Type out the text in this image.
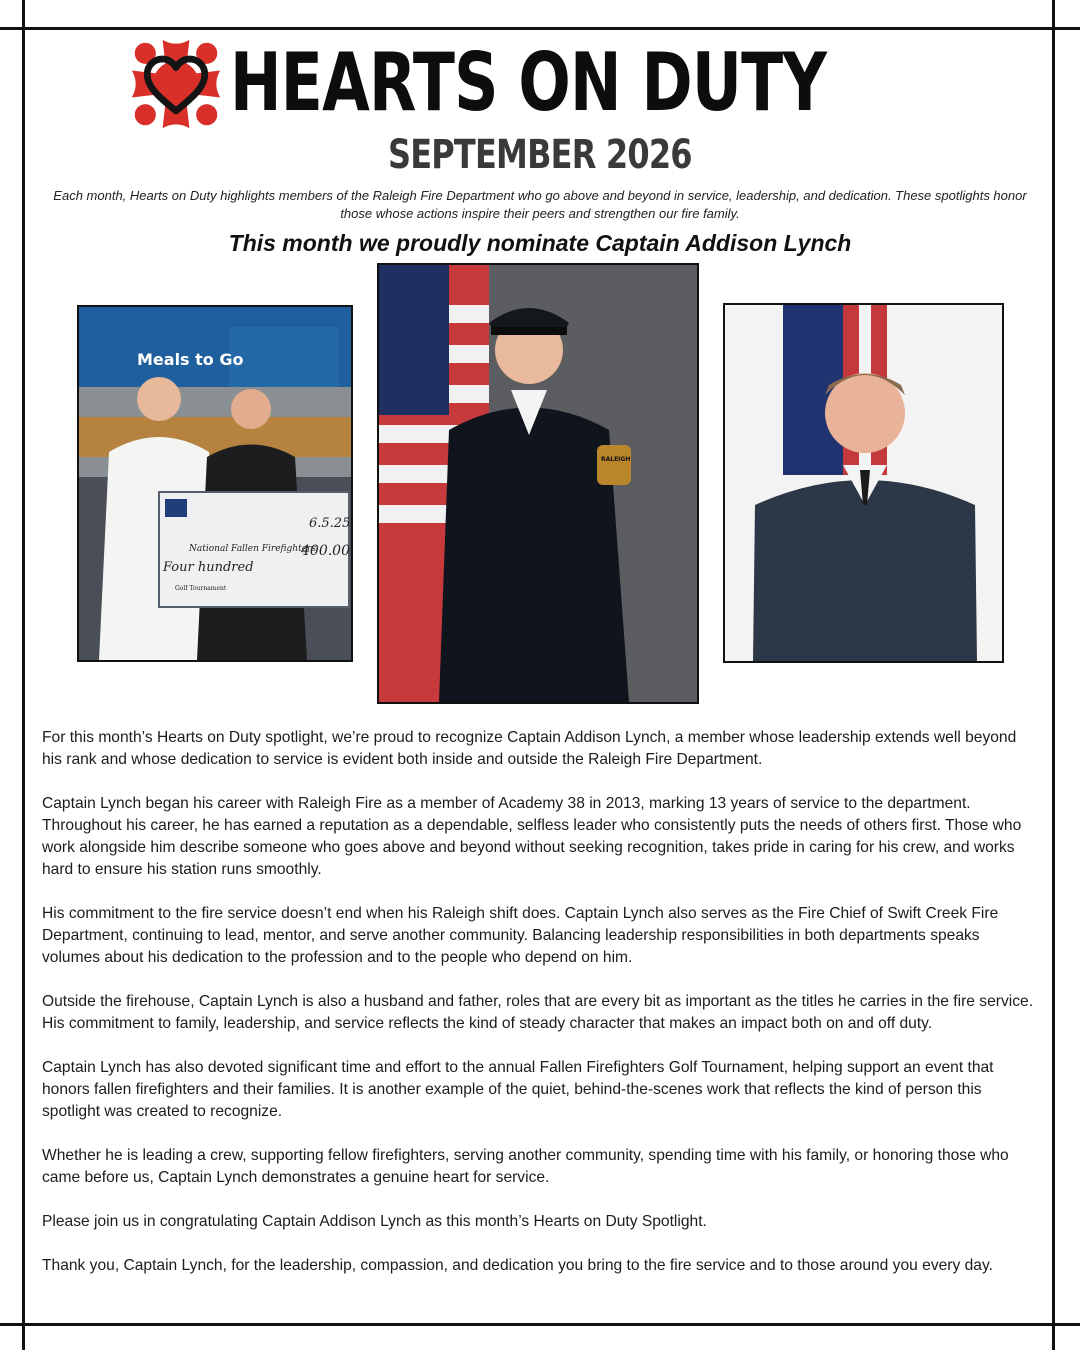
HEARTS ON DUTY
SEPTEMBER 2026
Each month, Hearts on Duty highlights members of the Raleigh Fire Department who go above and beyond in service, leadership, and dedication. These spotlights honor those whose actions inspire their peers and strengthen our fire family.
This month we proudly nominate Captain Addison Lynch
Meals to Go
6.5.25
National Fallen Firefighters
400.00
Four hundred
Golf Tournament
RALEIGH

For this month’s Hearts on Duty spotlight, we’re proud to recognize Captain Addison Lynch, a member whose leadership extends well beyond his rank and whose dedication to service is evident both inside and outside the Raleigh Fire Department.

Captain Lynch began his career with Raleigh Fire as a member of Academy 38 in 2013, marking 13 years of service to the department. Throughout his career, he has earned a reputation as a dependable, selfless leader who consistently puts the needs of others first. Those who work alongside him describe someone who goes above and beyond without seeking recognition, takes pride in caring for his crew, and works hard to ensure his station runs smoothly.

His commitment to the fire service doesn’t end when his Raleigh shift does. Captain Lynch also serves as the Fire Chief of Swift Creek Fire Department, continuing to lead, mentor, and serve another community. Balancing leadership responsibilities in both departments speaks volumes about his dedication to the profession and to the people who depend on him.

Outside the firehouse, Captain Lynch is also a husband and father, roles that are every bit as important as the titles he carries in the fire service. His commitment to family, leadership, and service reflects the kind of steady character that makes an impact both on and off duty.

Captain Lynch has also devoted significant time and effort to the annual Fallen Firefighters Golf Tournament, helping support an event that honors fallen firefighters and their families. It is another example of the quiet, behind-the-scenes work that reflects the kind of person this spotlight was created to recognize.

Whether he is leading a crew, supporting fellow firefighters, serving another community, spending time with his family, or honoring those who came before us, Captain Lynch demonstrates a genuine heart for service.

Please join us in congratulating Captain Addison Lynch as this month’s Hearts on Duty Spotlight.

Thank you, Captain Lynch, for the leadership, compassion, and dedication you bring to the fire service and to those around you every day.
